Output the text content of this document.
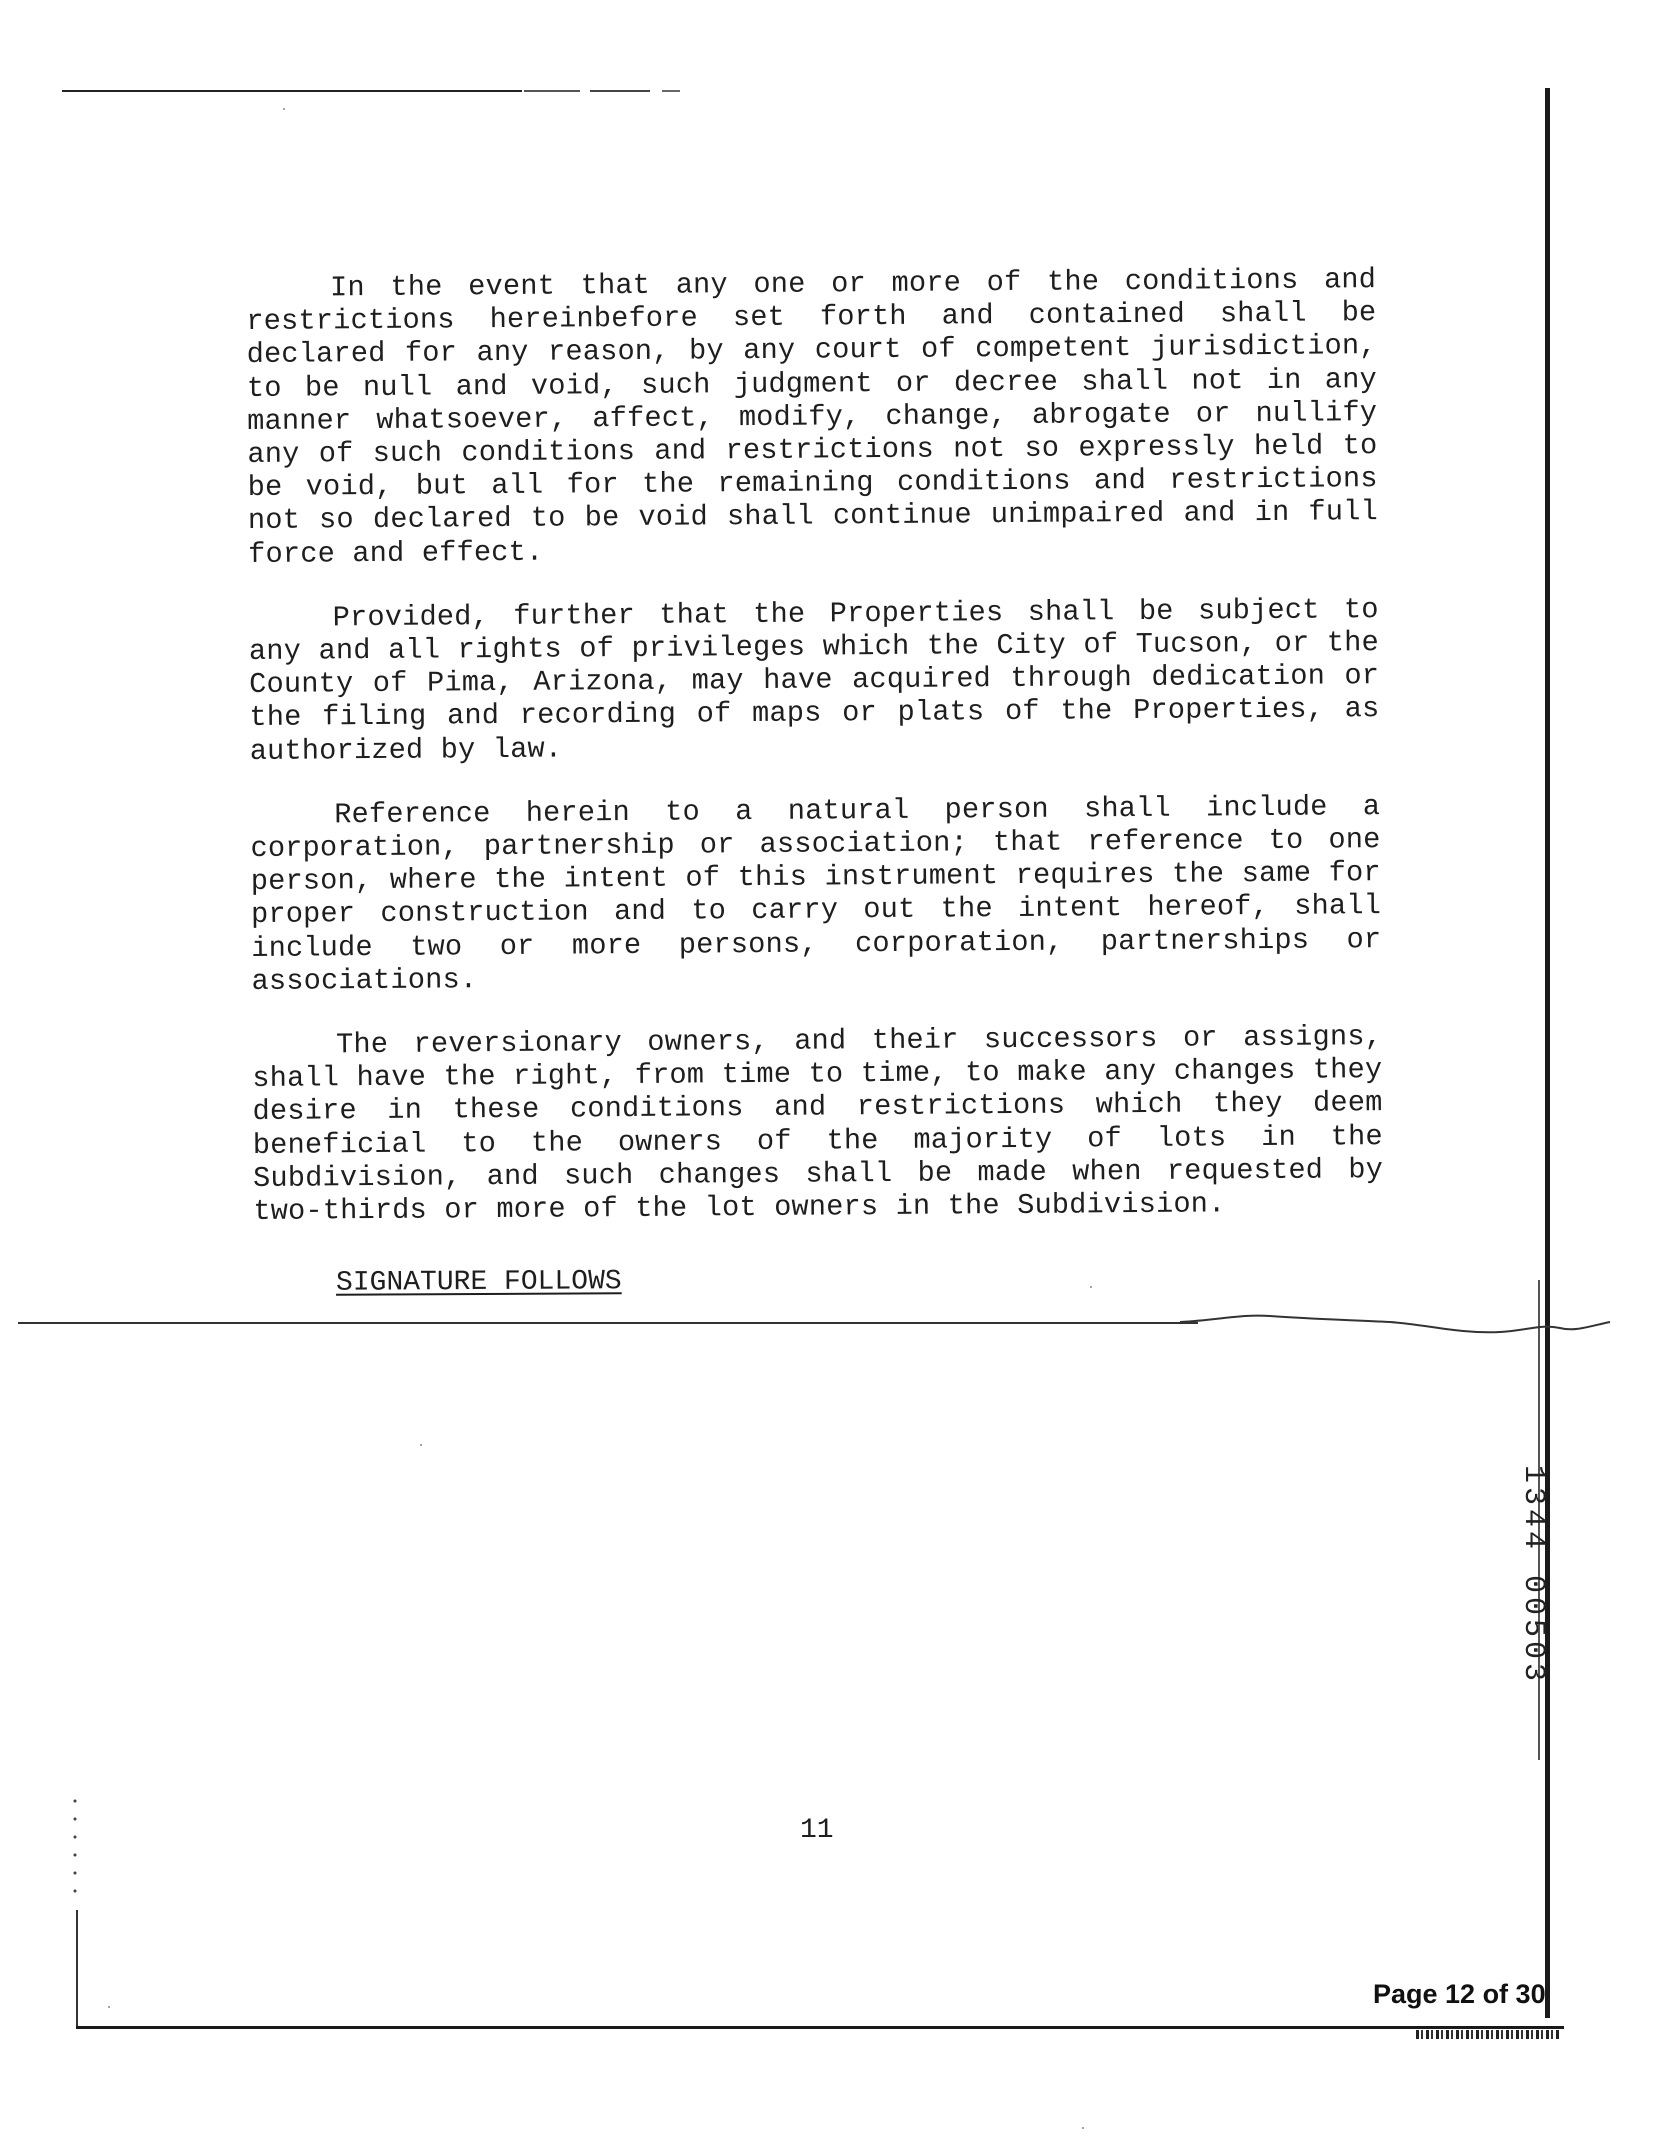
In the event that any one or more of the conditions and restrictions hereinbefore set forth and contained shall be declared for any reason, by any court of competent jurisdiction, to be null and void, such judgment or decree shall not in any manner whatsoever, affect, modify, change, abrogate or nullify any of such conditions and restrictions not so expressly held to be void, but all for the remaining conditions and restrictions not so declared to be void shall continue unimpaired and in full force and effect.

Provided, further that the Properties shall be subject to any and all rights of privileges which the City of Tucson, or the County of Pima, Arizona, may have acquired through dedication or the filing and recording of maps or plats of the Properties, as authorized by law.

Reference herein to a natural person shall include a corporation, partnership or association; that reference to one person, where the intent of this instrument requires the same for proper construction and to carry out the intent hereof, shall include two or more persons, corporation, partnerships or associations.

The reversionary owners, and their successors or assigns, shall have the right, from time to time, to make any changes they desire in these conditions and restrictions which they deem beneficial to the owners of the majority of lots in the Subdivision, and such changes shall be made when requested by two-thirds or more of the lot owners in the Subdivision.

SIGNATURE FOLLOWS
1344 00503
11
Page 12 of 30
